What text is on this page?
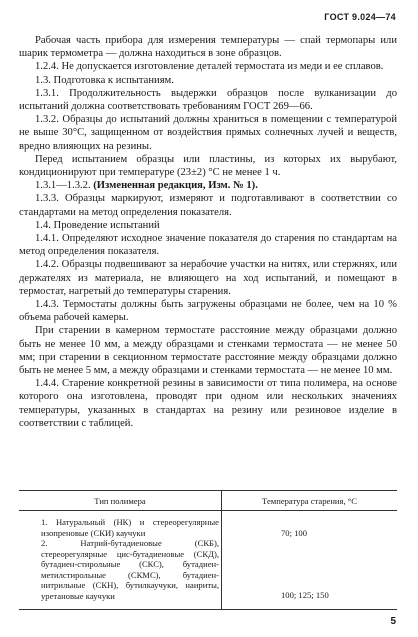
ГОСТ 9.024—74

Рабочая часть прибора для измерения температуры — спай термопары или шарик термометра — должна находиться в зоне образцов.

1.2.4. Не допускается изготовление деталей термостата из меди и ее сплавов.

1.3. Подготовка к испытаниям.

1.3.1. Продолжительность выдержки образцов после вулканизации до испытаний должна соответствовать требованиям ГОСТ 269—66.

1.3.2. Образцы до испытаний должны храниться в помещении с температурой не выше 30°С, защищенном от воздействия прямых солнечных лучей и веществ, вредно влияющих на резины.

Перед испытанием образцы или пластины, из которых их вырубают, кондиционируют при температуре (23±2) °С не менее 1 ч.

1.3.1—1.3.2. (Измененная редакция, Изм. № 1).

1.3.3. Образцы маркируют, измеряют и подготавливают в соответствии со стандартами на метод определения показателя.

1.4. Проведение испытаний

1.4.1. Определяют исходное значение показателя до старения по стандартам на метод определения показателя.

1.4.2. Образцы подвешивают за нерабочие участки на нитях, или стержнях, или держателях из материала, не влияющего на ход испытаний, и помещают в термостат, нагретый до температуры старения.

1.4.3. Термостаты должны быть загружены образцами не более, чем на 10 % объема рабочей камеры.

При старении в камерном термостате расстояние между образцами должно быть не менее 10 мм, а между образцами и стенками термостата — не менее 50 мм; при старении в секционном термостате расстояние между образцами должно быть не менее 5 мм, а между образцами и стенками термостата — не менее 10 мм.

1.4.4. Старение конкретной резины в зависимости от типа полимера, на основе которого она изготовлена, проводят при одном или нескольких значениях температуры, указанных в стандартах на резину или резиновое изделие в соответствии с таблицей.

Тип полимера	Температура старения, °С
1. Натуральный (НК) и стереорегулярные изопреновые (СКИ) каучуки	70; 100
2. Натрий-бутадиеновые (СКБ), стереорегулярные цис-бутадиеновые (СКД), бутадиен-стирольные (СКС), бутадиен-метилстирольные (СКМС), бутадиен-нитрильные (СКН), бутилкаучуки, наириты, уретановые каучуки	100; 125; 150
5
